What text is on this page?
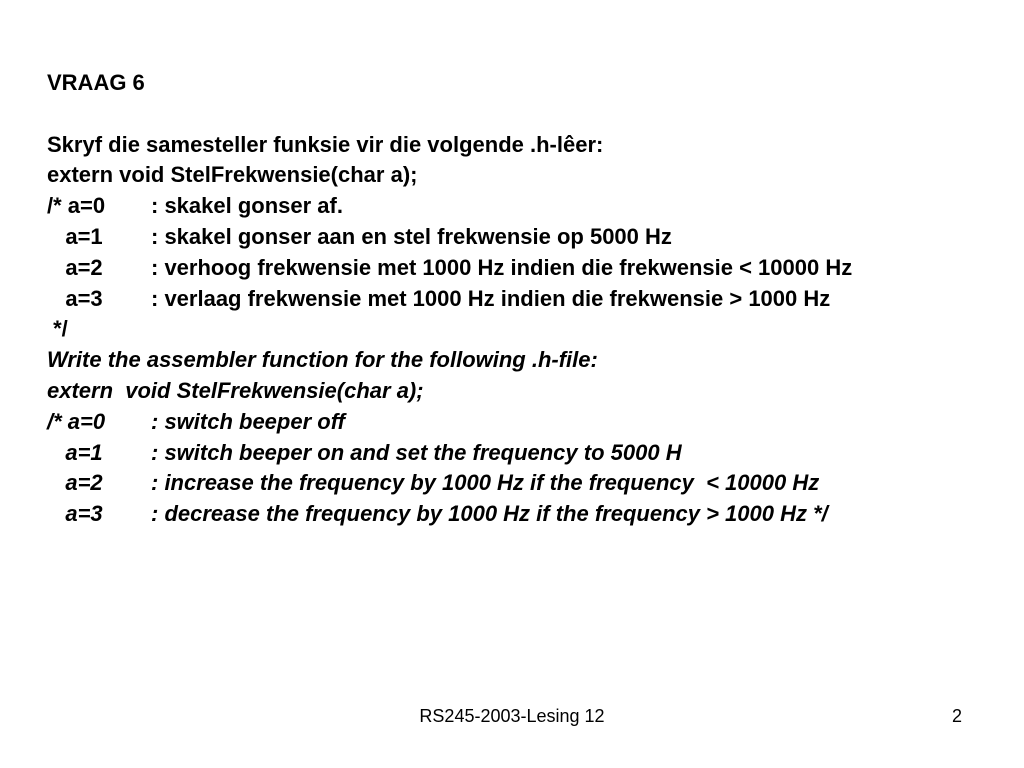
VRAAG 6
Skryf die samesteller funksie vir die volgende .h-lêer:
extern void StelFrekwensie(char a);

/* a=0

: skakel gonser af.

a=1

: skakel gonser aan en stel frekwensie op 5000 Hz

a=2

: verhoog frekwensie met 1000 Hz indien die frekwensie < 10000 Hz

a=3

: verlaag frekwensie met 1000 Hz indien die frekwensie > 1000 Hz

*/
Write the assembler function for the following .h-file:
extern  void StelFrekwensie(char a);

/* a=0

: switch beeper off

a=1

: switch beeper on and set the frequency to 5000 H

a=2

: increase the frequency by 1000 Hz if the frequency  < 10000 Hz

a=3

: decrease the frequency by 1000 Hz if the frequency > 1000 Hz */

RS245-2003-Lesing 12	2
